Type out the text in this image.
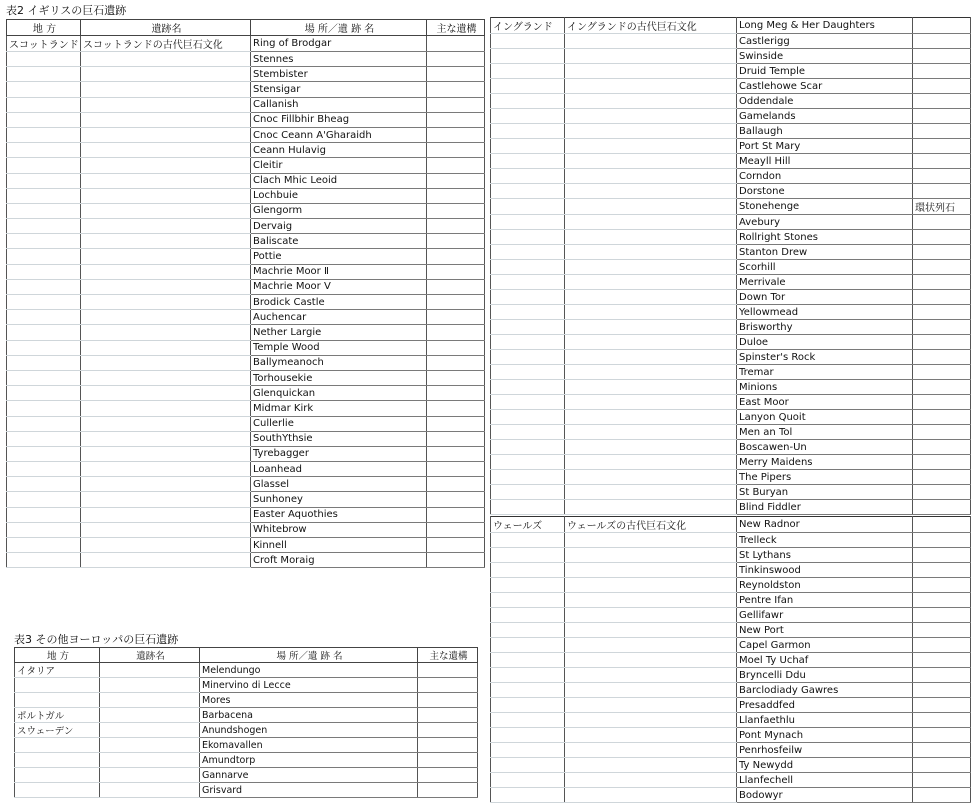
表2 イギリスの巨石遺跡
地 方	遺跡名	場 所／遺 跡 名	主な遺構
スコットランド	スコットランドの古代巨石文化	Ring of Brodgar	
		Stennes	
		Stembister	
		Stensigar	
		Callanish	
		Cnoc Fillbhir Bheag	
		Cnoc Ceann A'Gharaidh	
		Ceann Hulavig	
		Cleitir	
		Clach Mhic Leoid	
		Lochbuie	
		Glengorm	
		Dervaig	
		Baliscate	
		Pottie	
		Machrie Moor Ⅱ	
		Machrie Moor Ⅴ	
		Brodick Castle	
		Auchencar	
		Nether Largie	
		Temple Wood	
		Ballymeanoch	
		Torhousekie	
		Glenquickan	
		Midmar Kirk	
		Cullerlie	
		SouthYthsie	
		Tyrebagger	
		Loanhead	
		Glassel	
		Sunhoney	
		Easter Aquothies	
		Whitebrow	
		Kinnell	
		Croft Moraig	
イングランド	イングランドの古代巨石文化	Long Meg & Her Daughters	
		Castlerigg	
		Swinside	
		Druid Temple	
		Castlehowe Scar	
		Oddendale	
		Gamelands	
		Ballaugh	
		Port St Mary	
		Meayll Hill	
		Corndon	
		Dorstone	
		Stonehenge	環状列石
		Avebury	
		Rollright Stones	
		Stanton Drew	
		Scorhill	
		Merrivale	
		Down Tor	
		Yellowmead	
		Brisworthy	
		Duloe	
		Spinster's Rock	
		Tremar	
		Minions	
		East Moor	
		Lanyon Quoit	
		Men an Tol	
		Boscawen-Un	
		Merry Maidens	
		The Pipers	
		St Buryan	
		Blind Fiddler	
ウェールズ	ウェールズの古代巨石文化	New Radnor	
		Trelleck	
		St Lythans	
		Tinkinswood	
		Reynoldston	
		Pentre Ifan	
		Gellifawr	
		New Port	
		Capel Garmon	
		Moel Ty Uchaf	
		Bryncelli Ddu	
		Barclodiady Gawres	
		Presaddfed	
		Llanfaethlu	
		Pont Mynach	
		Penrhosfeilw	
		Ty Newydd	
		Llanfechell	
		Bodowyr	
表3 その他ヨーロッパの巨石遺跡
地 方	遺跡名	場 所／遺 跡 名	主な遺構
イタリア		Melendungo	
		Minervino di Lecce	
		Mores	
ポルトガル		Barbacena	
スウェーデン		Anundshogen	
		Ekomavallen	
		Amundtorp	
		Gannarve	
		Grisvard	
